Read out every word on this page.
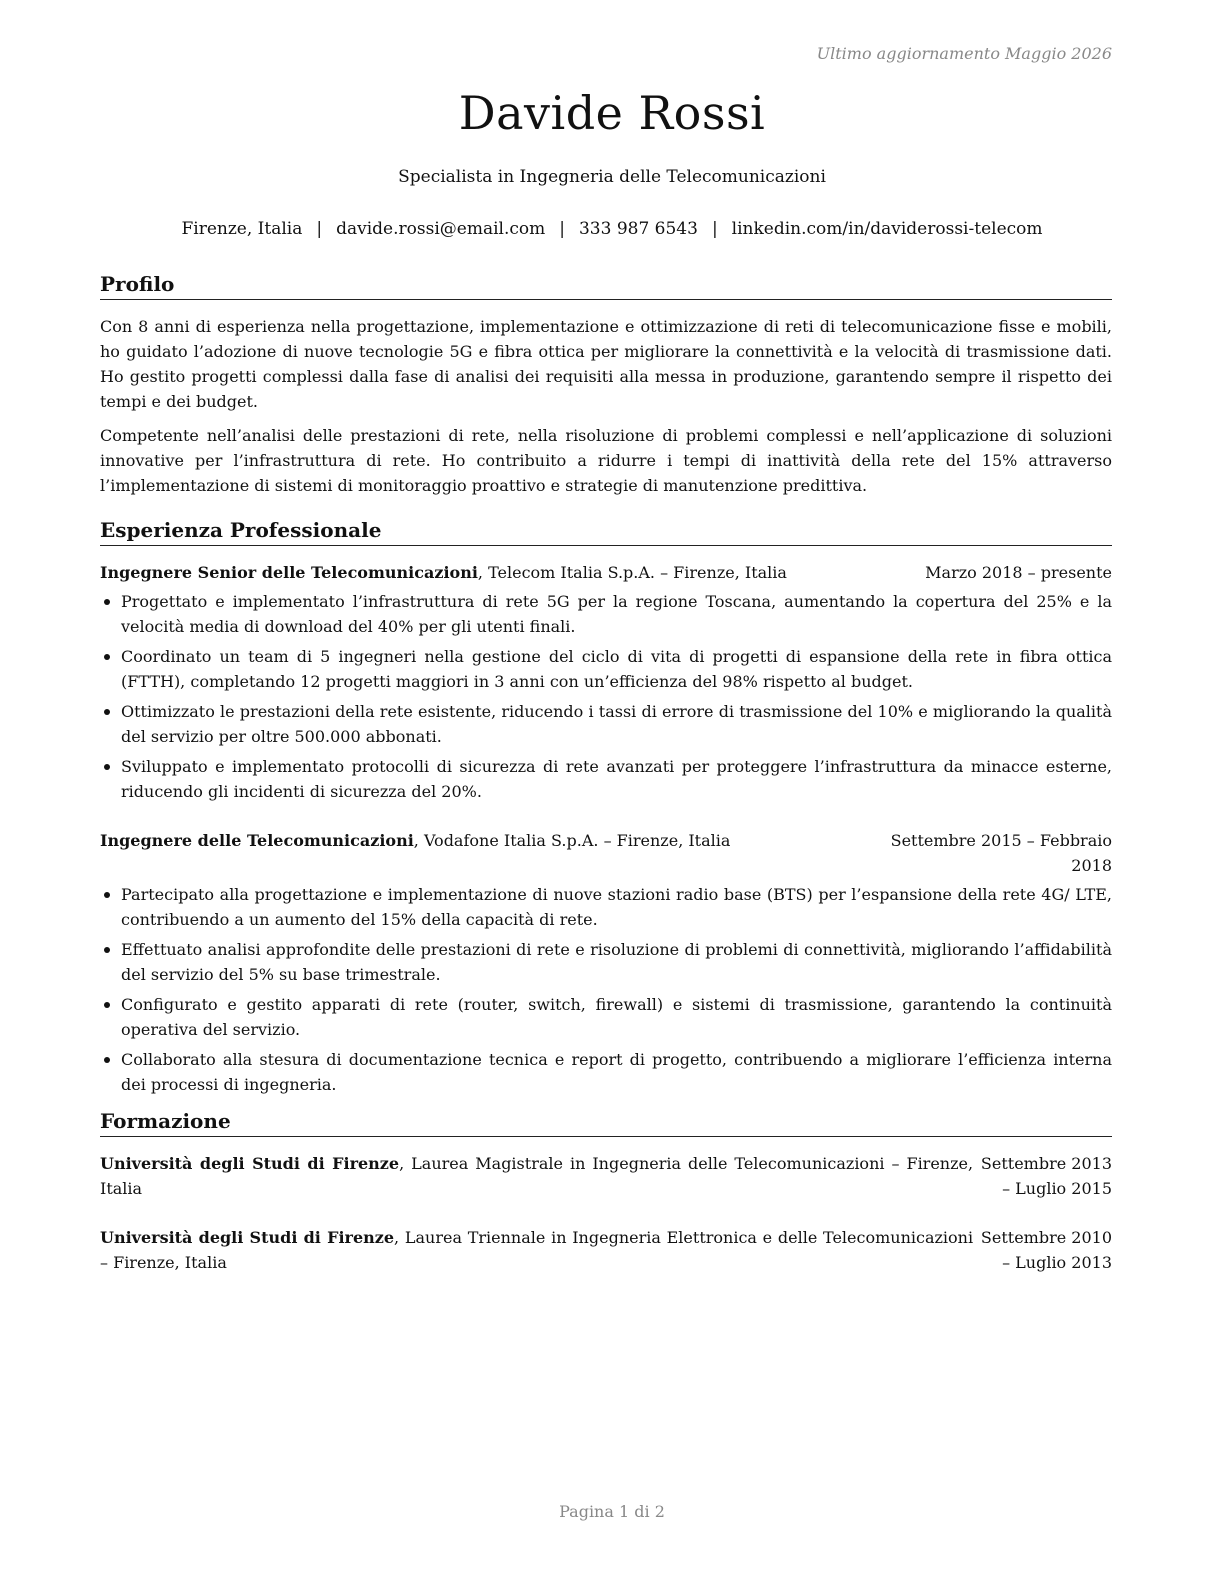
Ultimo aggiornamento Maggio 2026
Davide Rossi
Specialista in Ingegneria delle Telecomunicazioni
Firenze, Italia | davide.rossi@email.com | 333 987 6543 | linkedin.com/in/daviderossi-telecom
Profilo

Con 8 anni di esperienza nella progettazione, implementazione e ottimizzazione di reti di telecomunicazione fisse e mobili, ho guidato l’adozione di nuove tecnologie 5G e fibra ottica per migliorare la connettività e la velocità di trasmissione dati. Ho gestito progetti complessi dalla fase di analisi dei requisiti alla messa in produzione, garantendo sempre il rispetto dei tempi e dei budget.

Competente nell’analisi delle prestazioni di rete, nella risoluzione di problemi complessi e nell’applicazione di soluzioni innovative per l’infrastruttura di rete. Ho contribuito a ridurre i tempi di inattività della rete del 15% attraverso l’implementazione di sistemi di monitoraggio proattivo e strategie di manutenzione predittiva.

Esperienza Professionale
Ingegnere Senior delle Telecomunicazioni, Telecom Italia S.p.A. – Firenze, Italia	Marzo 2018 – presente
Progettato e implementato l’infrastruttura di rete 5G per la regione Toscana, aumentando la copertura del 25% e la velocità media di download del 40% per gli utenti finali.
Coordinato un team di 5 ingegneri nella gestione del ciclo di vita di progetti di espansione della rete in fibra ottica (FTTH), completando 12 progetti maggiori in 3 anni con un’efficienza del 98% rispetto al budget.
Ottimizzato le prestazioni della rete esistente, riducendo i tassi di errore di trasmissione del 10% e migliorando la qualità del servizio per oltre 500.000 abbonati.
Sviluppato e implementato protocolli di sicurezza di rete avanzati per proteggere l’infrastruttura da minacce esterne, riducendo gli incidenti di sicurezza del 20%.
Ingegnere delle Telecomunicazioni, Vodafone Italia S.p.A. – Firenze, Italia	Settembre 2015 – Febbraio 2018
Partecipato alla progettazione e implementazione di nuove stazioni radio base (BTS) per l’espansione della rete 4G/ LTE, contribuendo a un aumento del 15% della capacità di rete.
Effettuato analisi approfondite delle prestazioni di rete e risoluzione di problemi di connettività, migliorando l’affidabilità del servizio del 5% su base trimestrale.
Configurato e gestito apparati di rete (router, switch, firewall) e sistemi di trasmissione, garantendo la continuità operativa del servizio.
Collaborato alla stesura di documentazione tecnica e report di progetto, contribuendo a migliorare l’efficienza interna dei processi di ingegneria.
Formazione
Università degli Studi di Firenze, Laurea Magistrale in Ingegneria delle Telecomunicazioni – Firenze, Italia
Settembre 2013 – Luglio 2015
Università degli Studi di Firenze, Laurea Triennale in Ingegneria Elettronica e delle Telecomunicazioni – Firenze, Italia
Settembre 2010 – Luglio 2013
Pagina 1 di 2
